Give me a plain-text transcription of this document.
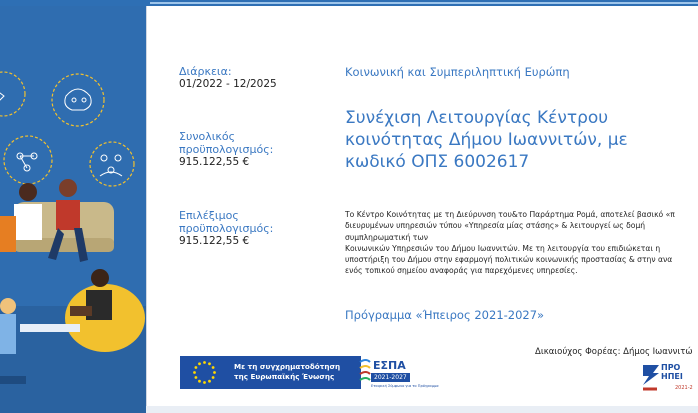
Διάρκεια:
01/2022 - 12/2025
Συνολικός
προϋπολογισμός:
915.122,55 €
Επιλέξιμος
προϋπολογισμός:
915.122,55 €
Κοινωνική και Συμπεριληπτική Ευρώπη
Συνέχιση Λειτουργίας Κέντρου
κοινότητας Δήμου Ιωαννιτών, με
κωδικό ΟΠΣ 6002617
Το Κέντρο Κοινότητας με τη Διεύρυνση του&το Παράρτημα Ρομά, αποτελεί βασικό «π
διευρυμένων υπηρεσιών τύπου «Υπηρεσία μίας στάσης» & λειτουργεί ως δομή
συμπληρωματική των
Κοινωνικών Υπηρεσιών του Δήμου Ιωαννιτών. Με τη λειτουργία του επιδιώκεται η
υποστήριξη του Δήμου στην εφαρμογή πολιτικών κοινωνικής προστασίας & στην ανα
ενός τοπικού σημείου αναφοράς για παρεχόμενες υπηρεσίες.
Πρόγραμμα «Ήπειρος 2021-2027»
Δικαιούχος Φορέας: Δήμος Ιωαννιτώ
Με τη συγχρηματοδότηση
της Ευρωπαϊκής Ένωσης
ΕΣΠΑ
2021-2027
Εταιρική Σύμφωνο για το Πρόγραμμα
ΠΡΟ
ΗΠΕΙ
2021-2
